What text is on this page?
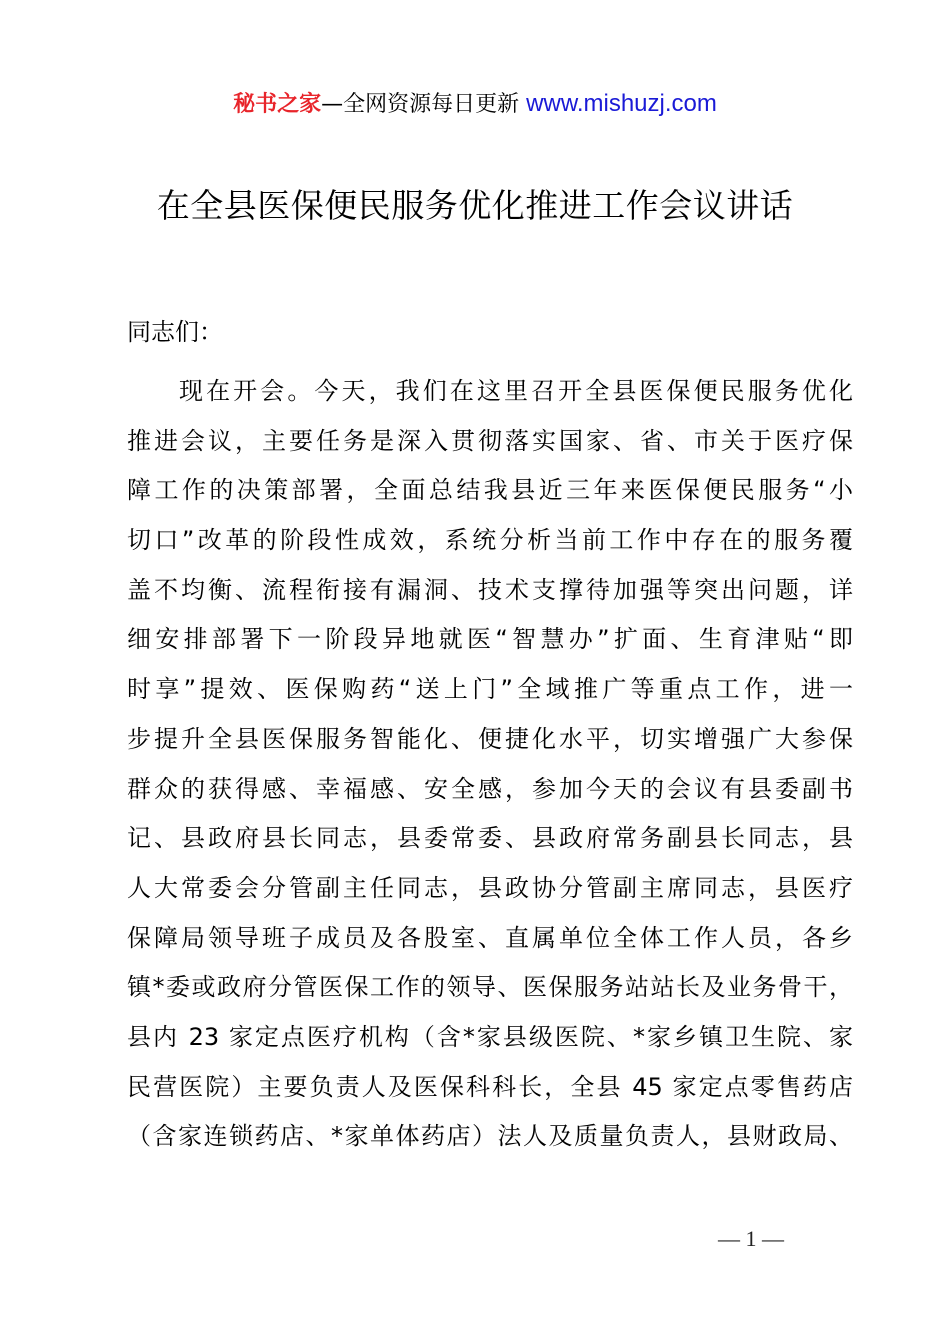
秘书之家—全网资源每日更新 www.mishuzj.com
在全县医保便民服务优化推进工作会议讲话
同志们：
现在开会。今天，我们在这里召开全县医保便民服务优化
推进会议，主要任务是深入贯彻落实国家、省、市关于医疗保
障工作的决策部署，全面总结我县近三年来医保便民服务“小
切口”改革的阶段性成效，系统分析当前工作中存在的服务覆
盖不均衡、流程衔接有漏洞、技术支撑待加强等突出问题，详
细安排部署下一阶段异地就医“智慧办”扩面、生育津贴“即
时享”提效、医保购药“送上门”全域推广等重点工作，进一
步提升全县医保服务智能化、便捷化水平，切实增强广大参保
群众的获得感、幸福感、安全感，参加今天的会议有县委副书
记、县政府县长同志，县委常委、县政府常务副县长同志，县
人大常委会分管副主任同志，县政协分管副主席同志，县医疗
保障局领导班子成员及各股室、直属单位全体工作人员，各乡
镇*委或政府分管医保工作的领导、医保服务站站长及业务骨干，
县内 23 家定点医疗机构（含*家县级医院、*家乡镇卫生院、家
民营医院）主要负责人及医保科科长，全县 45 家定点零售药店
（含家连锁药店、*家单体药店）法人及质量负责人，县财政局、
— 1 —
